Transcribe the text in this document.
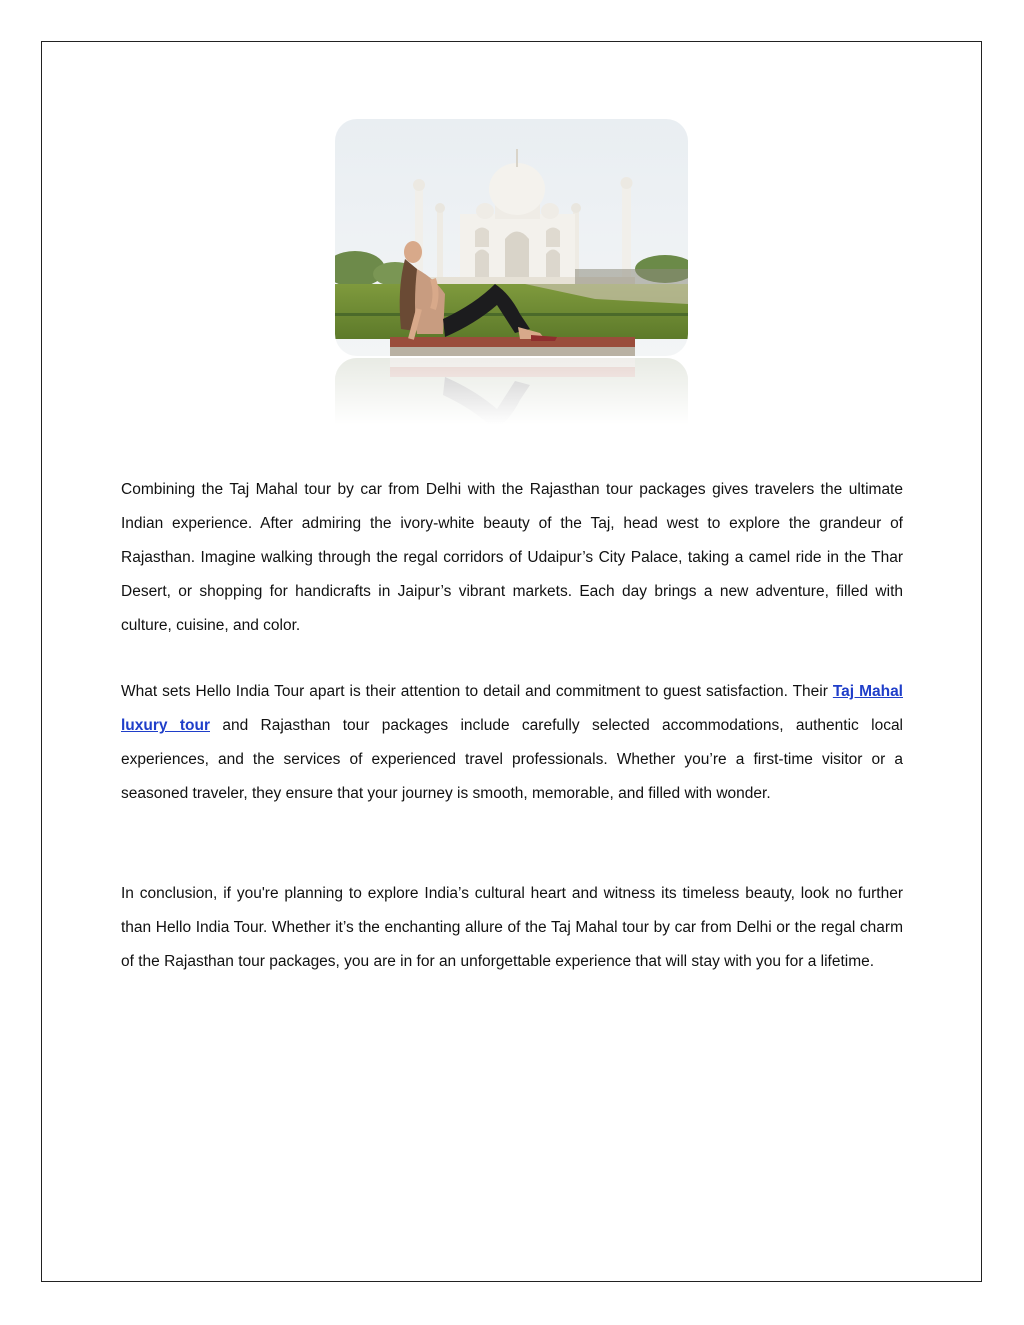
Combining the Taj Mahal tour by car from Delhi with the Rajasthan tour packages gives travelers the ultimate Indian experience. After admiring the ivory-white beauty of the Taj, head west to explore the grandeur of Rajasthan. Imagine walking through the regal corridors of Udaipur’s City Palace, taking a camel ride in the Thar Desert, or shopping for handicrafts in Jaipur’s vibrant markets. Each day brings a new adventure, filled with culture, cuisine, and color.
What sets Hello India Tour apart is their attention to detail and commitment to guest satisfaction. Their Taj Mahal luxury tour and Rajasthan tour packages include carefully selected accommodations, authentic local experiences, and the services of experienced travel professionals. Whether you’re a first-time visitor or a seasoned traveler, they ensure that your journey is smooth, memorable, and filled with wonder.
In conclusion, if you're planning to explore India’s cultural heart and witness its timeless beauty, look no further than Hello India Tour. Whether it’s the enchanting allure of the Taj Mahal tour by car from Delhi or the regal charm of the Rajasthan tour packages, you are in for an unforgettable experience that will stay with you for a lifetime.
